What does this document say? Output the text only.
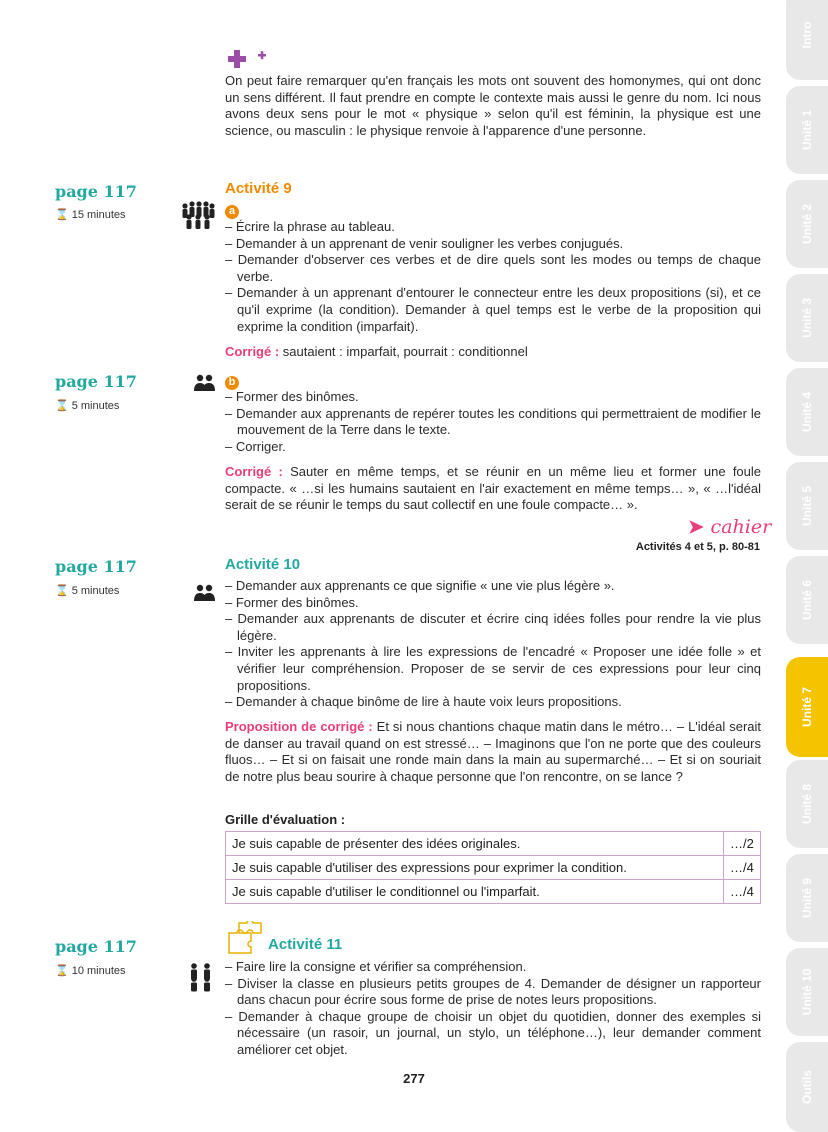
On peut faire remarquer qu'en français les mots ont souvent des homonymes, qui ont donc un sens différent. Il faut prendre en compte le contexte mais aussi le genre du nom. Ici nous avons deux sens pour le mot « physique » selon qu'il est féminin, la physique est une science, ou masculin : le physique renvoie à l'apparence d'une personne.
page 117
⌛ 15 minutes
Activité 9
a
– Écrire la phrase au tableau.
– Demander à un apprenant de venir souligner les verbes conjugués.
– Demander d'observer ces verbes et de dire quels sont les modes ou temps de chaque verbe.
– Demander à un apprenant d'entourer le connecteur entre les deux propositions (si), et ce qu'il exprime (la condition). Demander à quel temps est le verbe de la proposition qui exprime la condition (imparfait).
Corrigé : sautaient : imparfait, pourrait : conditionnel
page 117
⌛ 5 minutes
b
– Former des binômes.
– Demander aux apprenants de repérer toutes les conditions qui permettraient de modifier le mouvement de la Terre dans le texte.
– Corriger.
Corrigé : Sauter en même temps, et se réunir en un même lieu et former une foule compacte. « …si les humains sautaient en l'air exactement en même temps… », « …l'idéal serait de se réunir le temps du saut collectif en une foule compacte… ».
➤ cahier
Activités 4 et 5, p. 80-81
page 117
⌛ 5 minutes
Activité 10
– Demander aux apprenants ce que signifie « une vie plus légère ».
– Former des binômes.
– Demander aux apprenants de discuter et écrire cinq idées folles pour rendre la vie plus légère.
– Inviter les apprenants à lire les expressions de l'encadré « Proposer une idée folle » et vérifier leur compréhension. Proposer de se servir de ces expressions pour leur cinq propositions.
– Demander à chaque binôme de lire à haute voix leurs propositions.
Proposition de corrigé : Et si nous chantions chaque matin dans le métro… – L'idéal serait de danser au travail quand on est stressé… – Imaginons que l'on ne porte que des couleurs fluos… – Et si on faisait une ronde main dans la main au supermarché… – Et si on souriait de notre plus beau sourire à chaque personne que l'on rencontre, on se lance ?
Grille d'évaluation :
Je suis capable de présenter des idées originales.	…/2
Je suis capable d'utiliser des expressions pour exprimer la condition.	…/4
Je suis capable d'utiliser le conditionnel ou l'imparfait.	…/4
page 117
⌛ 10 minutes
Activité 11
– Faire lire la consigne et vérifier sa compréhension.
– Diviser la classe en plusieurs petits groupes de 4. Demander de désigner un rapporteur dans chacun pour écrire sous forme de prise de notes leurs propositions.
– Demander à chaque groupe de choisir un objet du quotidien, donner des exemples si nécessaire (un rasoir, un journal, un stylo, un téléphone…), leur demander comment améliorer cet objet.
277
Intro
Unité 1
Unité 2
Unité 3
Unité 4
Unité 5
Unité 6
Unité 7
Unité 8
Unité 9
Unité 10
Outils
